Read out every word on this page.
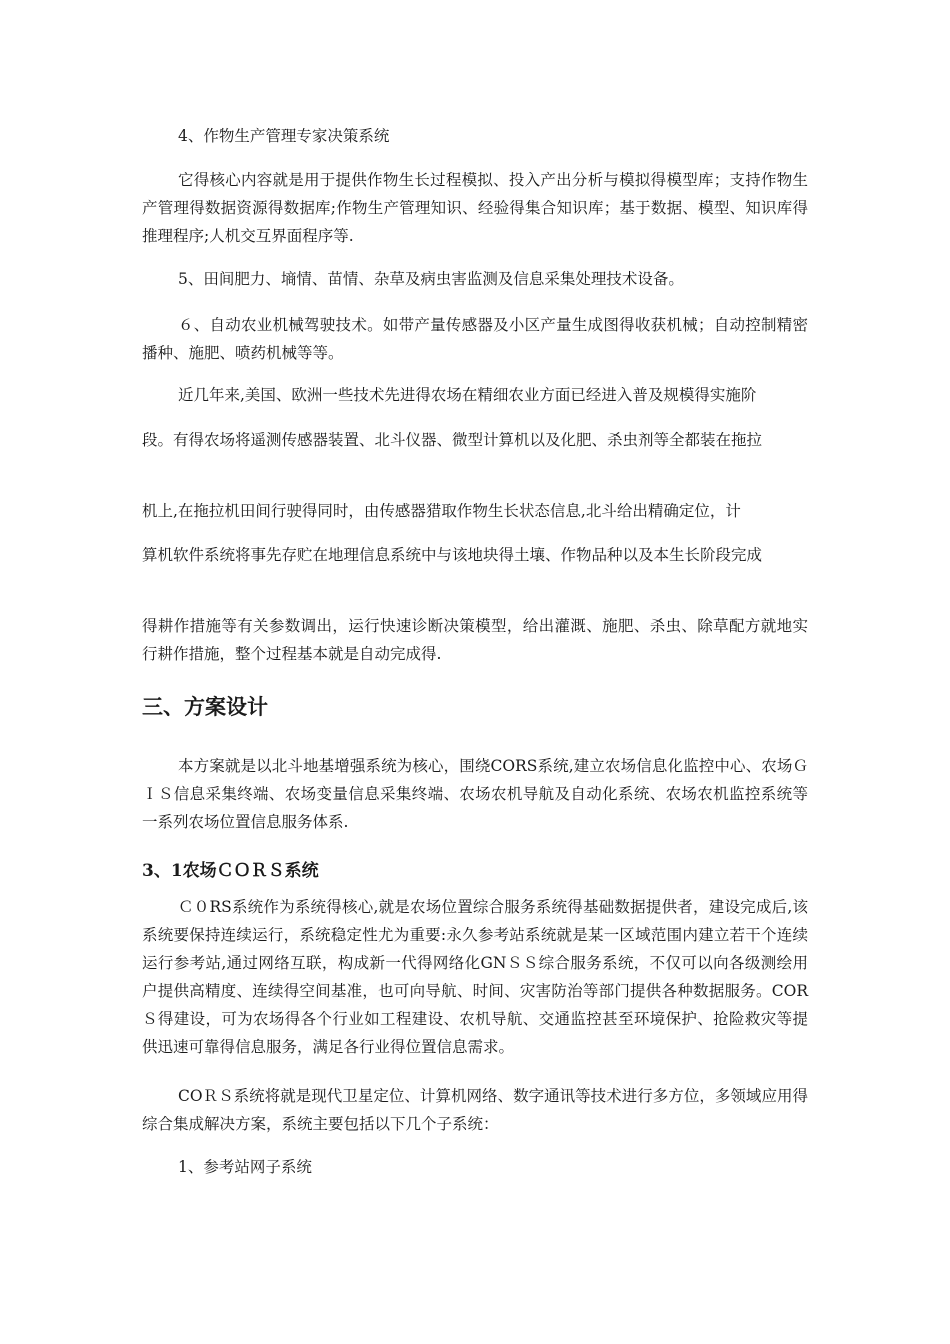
4、作物生产管理专家决策系统

它得核心内容就是用于提供作物生长过程模拟、投入产出分析与模拟得模型库；支持作物生产管理得数据资源得数据库;作物生产管理知识、经验得集合知识库；基于数据、模型、知识库得推理程序;人机交互界面程序等.

5、田间肥力、墒情、苗情、杂草及病虫害监测及信息采集处理技术设备。

６、自动农业机械驾驶技术。如带产量传感器及小区产量生成图得收获机械；自动控制精密播种、施肥、喷药机械等等。

近几年来,美国、欧洲一些技术先进得农场在精细农业方面已经进入普及规模得实施阶

段。有得农场将遥测传感器装置、北斗仪器、微型计算机以及化肥、杀虫剂等全都装在拖拉

机上,在拖拉机田间行驶得同时，由传感器猎取作物生长状态信息,北斗给出精确定位，计

算机软件系统将事先存贮在地理信息系统中与该地块得土壤、作物品种以及本生长阶段完成

得耕作措施等有关参数调出，运行快速诊断决策模型，给出灌溉、施肥、杀虫、除草配方就地实行耕作措施，整个过程基本就是自动完成得.

三、方案设计

本方案就是以北斗地基增强系统为核心，围绕CORS系统,建立农场信息化监控中心、农场ＧＩＳ信息采集终端、农场变量信息采集终端、农场农机导航及自动化系统、农场农机监控系统等一系列农场位置信息服务体系.

3、1农场ＣＯＲＳ系统

Ｃ０RS系统作为系统得核心,就是农场位置综合服务系统得基础数据提供者，建设完成后,该系统要保持连续运行，系统稳定性尤为重要:永久参考站系统就是某一区域范围内建立若干个连续运行参考站,通过网络互联，构成新一代得网络化GNＳＳ综合服务系统，不仅可以向各级测绘用户提供高精度、连续得空间基准，也可向导航、时间、灾害防治等部门提供各种数据服务。CORＳ得建设，可为农场得各个行业如工程建设、农机导航、交通监控甚至环境保护、抢险救灾等提供迅速可靠得信息服务，满足各行业得位置信息需求。

COＲＳ系统将就是现代卫星定位、计算机网络、数字通讯等技术进行多方位，多领域应用得综合集成解决方案，系统主要包括以下几个子系统：

1、参考站网子系统
